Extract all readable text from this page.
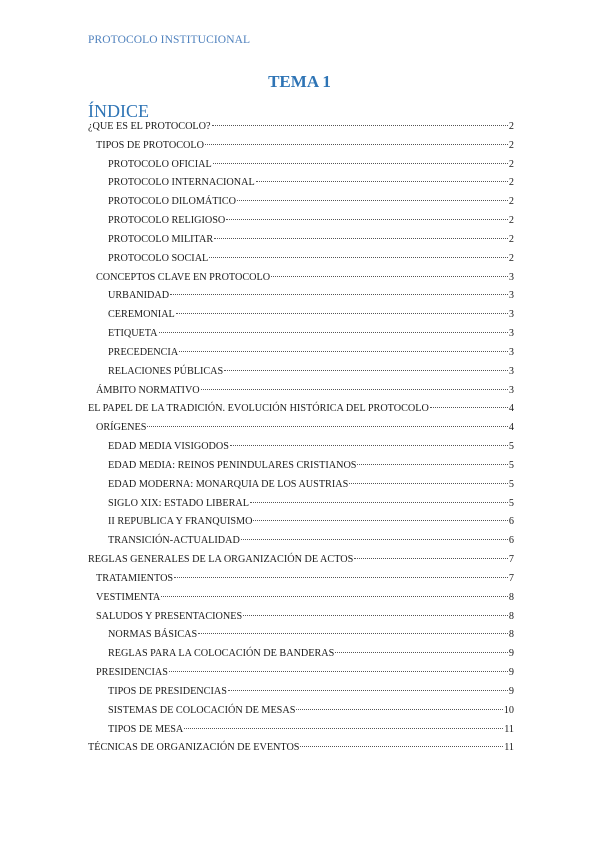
PROTOCOLO INSTITUCIONAL
TEMA 1
ÍNDICE
¿QUE ES EL PROTOCOLO?	2
TIPOS DE PROTOCOLO	2
PROTOCOLO OFICIAL	2
PROTOCOLO INTERNACIONAL	2
PROTOCOLO DILOMÁTICO	2
PROTOCOLO RELIGIOSO	2
PROTOCOLO MILITAR	2
PROTOCOLO SOCIAL	2
CONCEPTOS CLAVE EN PROTOCOLO	3
URBANIDAD	3
CEREMONIAL	3
ETIQUETA	3
PRECEDENCIA	3
RELACIONES PÚBLICAS	3
ÁMBITO NORMATIVO	3
EL PAPEL DE LA TRADICIÓN. EVOLUCIÓN HISTÓRICA DEL PROTOCOLO	4
ORÍGENES	4
EDAD MEDIA VISIGODOS	5
EDAD MEDIA: REINOS PENINDULARES CRISTIANOS	5
EDAD MODERNA: MONARQUIA DE LOS AUSTRIAS	5
SIGLO XIX: ESTADO LIBERAL	5
II REPUBLICA Y FRANQUISMO	6
TRANSICIÓN-ACTUALIDAD	6
REGLAS GENERALES DE LA ORGANIZACIÓN DE ACTOS	7
TRATAMIENTOS	7
VESTIMENTA	8
SALUDOS Y PRESENTACIONES	8
NORMAS BÁSICAS	8
REGLAS PARA LA COLOCACIÓN DE BANDERAS	9
PRESIDENCIAS	9
TIPOS DE PRESIDENCIAS	9
SISTEMAS DE COLOCACIÓN DE MESAS	10
TIPOS DE MESA	11
TÉCNICAS DE ORGANIZACIÓN DE EVENTOS	11
